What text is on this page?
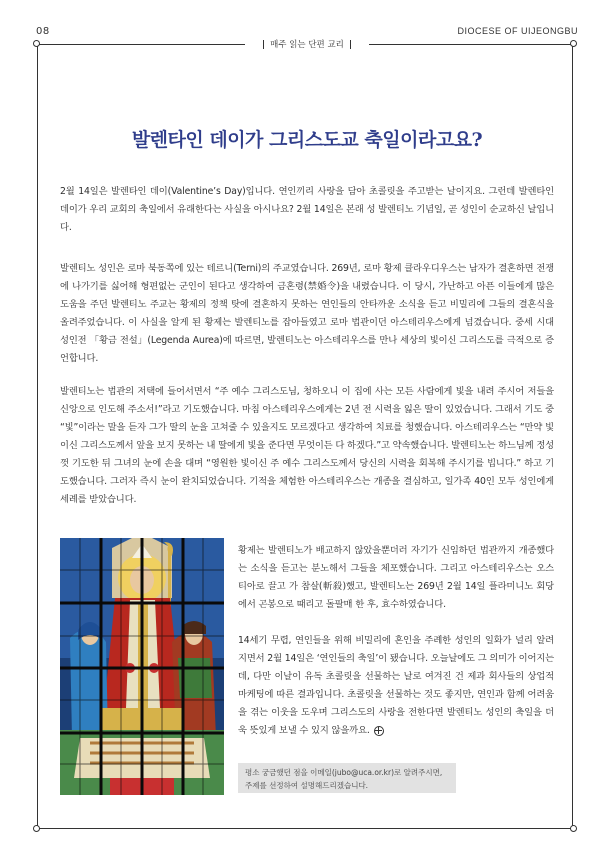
08	DIOCESE OF UIJEONGBU
매주 읽는 단편 교리
발렌타인 데이가 그리스도교 축일이라고요?

2월 14일은 발렌타인 데이(Valentine’s Day)입니다. 연인끼리 사랑을 담아 초콜릿을 주고받는 날이지요. 그런데 발렌타인 데이가 우리 교회의 축일에서 유래한다는 사실을 아시나요? 2월 14일은 본래 성 발렌티노 기념일, 곧 성인이 순교하신 날입니다.

발렌티노 성인은 로마 북동쪽에 있는 테르니(Terni)의 주교였습니다. 269년, 로마 황제 클라우디우스는 남자가 결혼하면 전쟁에 나가기를 싫어해 형편없는 군인이 된다고 생각하여 금혼령(禁婚令)을 내렸습니다. 이 당시, 가난하고 아픈 이들에게 많은 도움을 주던 발렌티노 주교는 황제의 정책 탓에 결혼하지 못하는 연인들의 안타까운 소식을 듣고 비밀리에 그들의 결혼식을 올려주었습니다. 이 사실을 알게 된 황제는 발렌티노를 잡아들였고 로마 법관이던 아스테리우스에게 넘겼습니다. 중세 시대 성인전 「황금 전설」(Legenda Aurea)에 따르면, 발렌티노는 아스테리우스를 만나 세상의 빛이신 그리스도를 극적으로 증언합니다.

발렌티노는 법관의 저택에 들어서면서 “주 예수 그리스도님, 청하오니 이 집에 사는 모든 사람에게 빛을 내려 주시어 저들을 신앙으로 인도해 주소서!”라고 기도했습니다. 마침 아스테리우스에게는 2년 전 시력을 잃은 딸이 있었습니다. 그래서 기도 중 “빛”이라는 말을 듣자 그가 딸의 눈을 고쳐줄 수 있을지도 모르겠다고 생각하여 치료를 청했습니다. 아스테리우스는 “만약 빛이신 그리스도께서 앞을 보지 못하는 내 딸에게 빛을 준다면 무엇이든 다 하겠다.”고 약속했습니다. 발렌티노는 하느님께 정성껏 기도한 뒤 그녀의 눈에 손을 대며 “영원한 빛이신 주 예수 그리스도께서 당신의 시력을 회복해 주시기를 빕니다.” 하고 기도했습니다. 그러자 즉시 눈이 완치되었습니다. 기적을 체험한 아스테리우스는 개종을 결심하고, 일가족 40인 모두 성인에게 세례를 받았습니다.

황제는 발렌티노가 배교하지 않았을뿐더러 자기가 신임하던 법관까지 개종했다는 소식을 듣고는 분노해서 그들을 체포했습니다. 그리고 아스테리우스는 오스티아로 끌고 가 참살(斬殺)했고, 발렌티노는 269년 2월 14일 플라미니노 회당에서 곤봉으로 때리고 돌팔매 한 후, 효수하였습니다.

14세기 무렵, 연인들을 위해 비밀리에 혼인을 주례한 성인의 일화가 널리 알려지면서 2월 14일은 ‘연인들의 축일’이 됐습니다. 오늘날에도 그 의미가 이어지는데, 다만 이날이 유독 초콜릿을 선물하는 날로 여겨진 건 제과 회사들의 상업적 마케팅에 따른 결과입니다. 초콜릿을 선물하는 것도 좋지만, 연인과 함께 어려움을 겪는 이웃을 도우며 그리스도의 사랑을 전한다면 발렌티노 성인의 축일을 더욱 뜻있게 보낼 수 있지 않을까요.

평소 궁금했던 점을 이메일(jubo@uca.or.kr)로 알려주시면,
주제를 선정하여 설명해드리겠습니다.
